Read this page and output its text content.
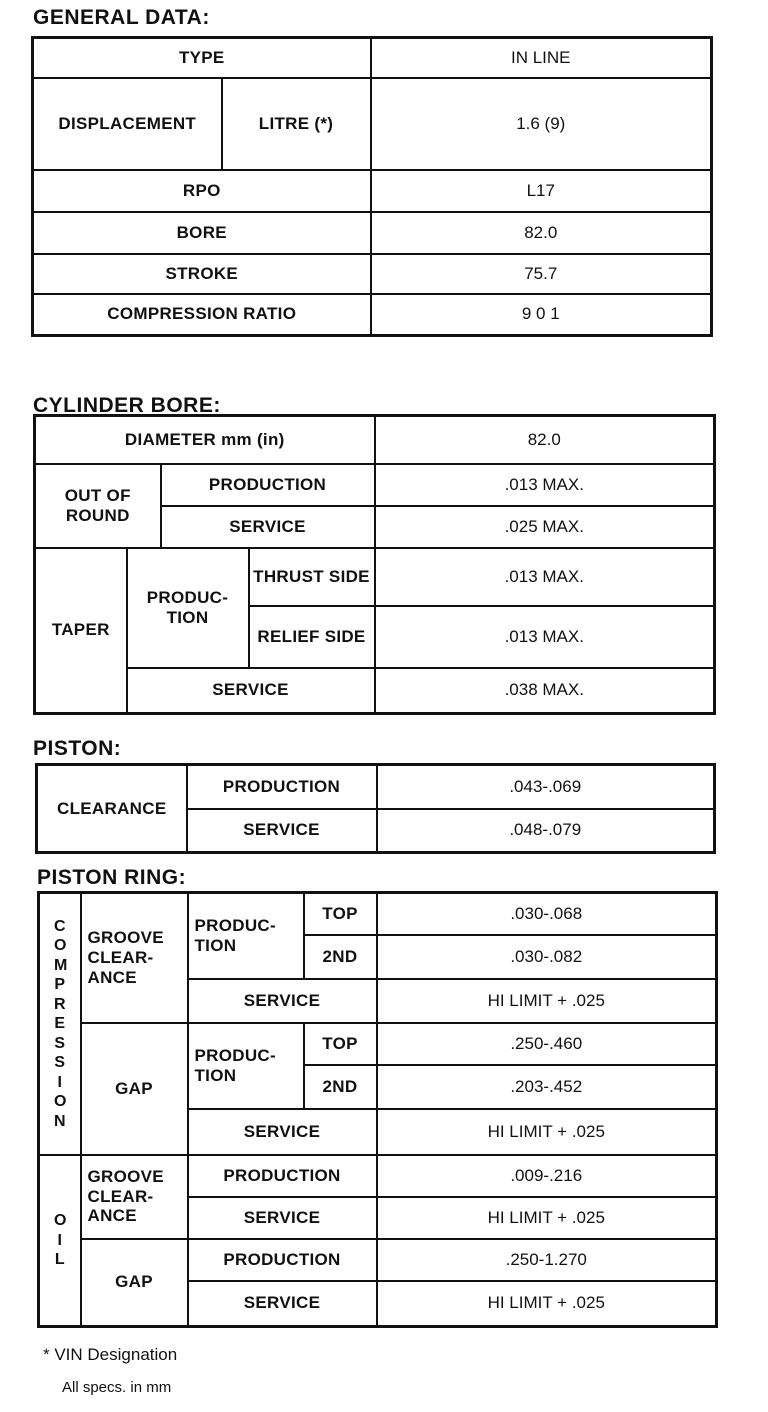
GENERAL DATA:
TYPE		IN LINE
DISPLACEMENT	LITRE (*)	1.6 (9)
RPO		L17
BORE		82.0
STROKE		75.7
COMPRESSION RATIO		9 0 1
CYLINDER BORE:
DIAMETER mm (in)				82.0
OUT OF ROUND		PRODUCTION		.013 MAX.
		SERVICE		.025 MAX.
TAPER	PRODUC- TION		THRUST SIDE	.013 MAX.
			RELIEF SIDE	.013 MAX.
	SERVICE			.038 MAX.
PISTON:
CLEARANCE	PRODUCTION	.043-.069
	SERVICE	.048-.079
PISTON RING:
COMPRESSION	GROOVE CLEAR- ANCE	PRODUC- TION	TOP	.030-.068
			2ND	.030-.082
		SERVICE		HI LIMIT + .025
	GAP	PRODUC- TION	TOP	.250-.460
			2ND	.203-.452
		SERVICE		HI LIMIT + .025
OIL	GROOVE CLEAR- ANCE	PRODUCTION		.009-.216
		SERVICE		HI LIMIT + .025
	GAP	PRODUCTION		.250-1.270
		SERVICE		HI LIMIT + .025
* VIN Designation
All specs. in mm
